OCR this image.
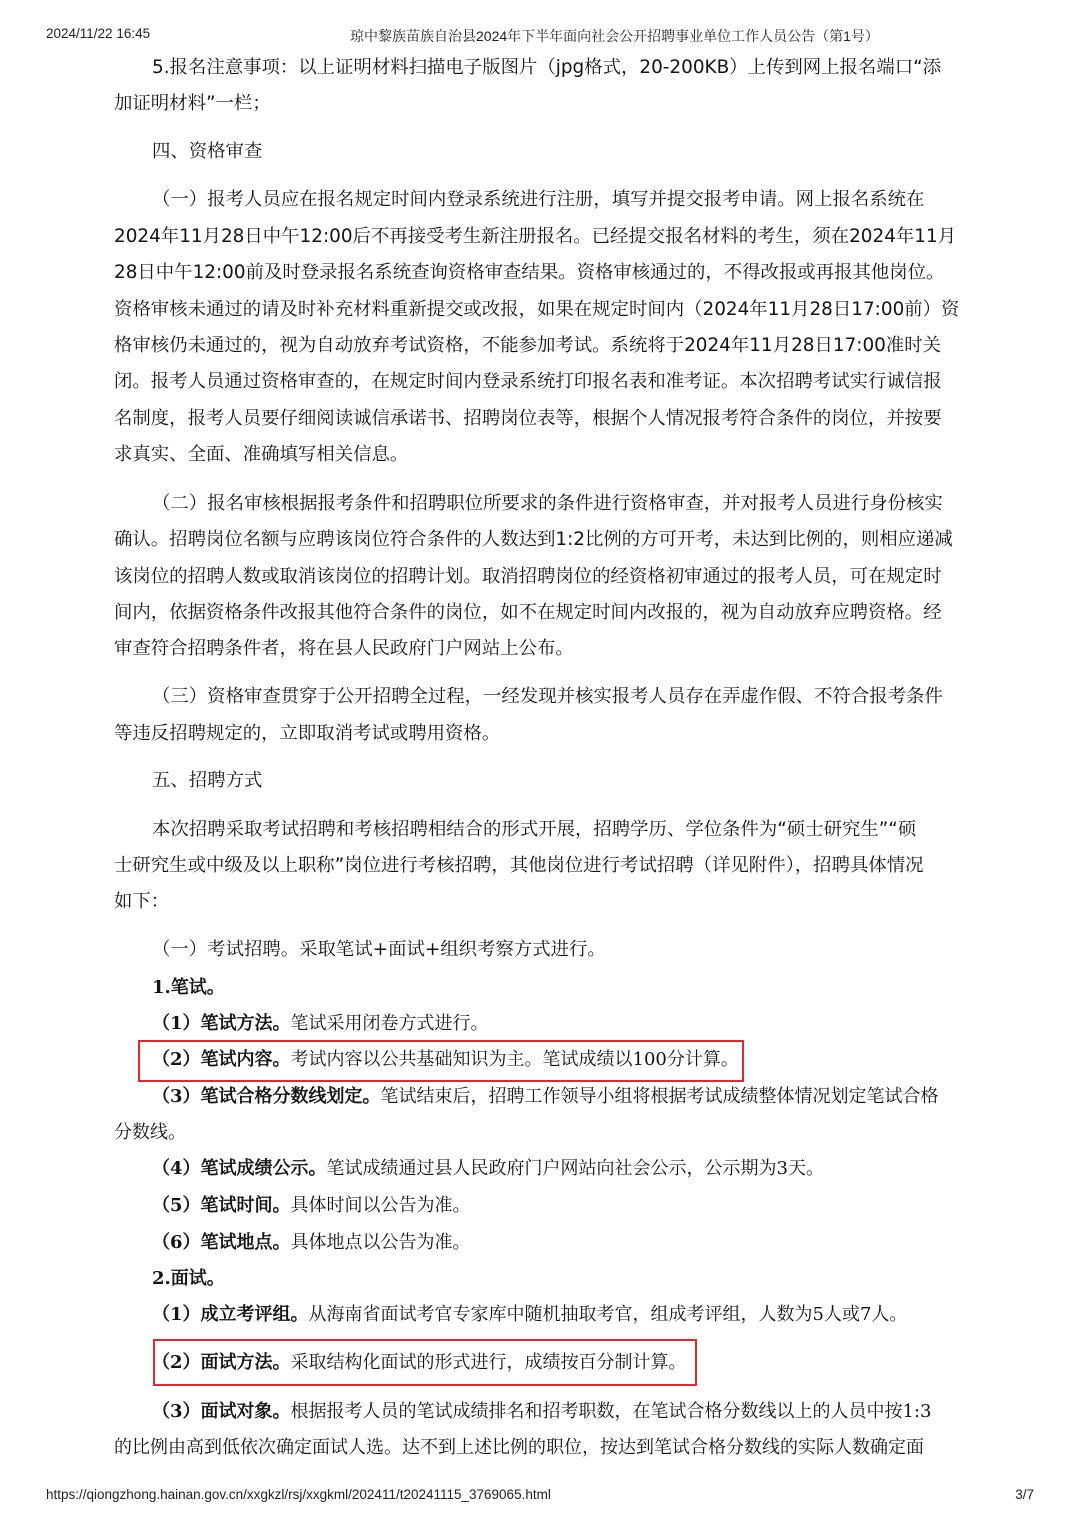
2024/11/22 16:45	琼中黎族苗族自治县2024年下半年面向社会公开招聘事业单位工作人员公告（第1号）
5.报名注意事项：以上证明材料扫描电子版图片（jpg格式，20-200KB）上传到网上报名端口“添
加证明材料”一栏；
四、资格审查
（一）报考人员应在报名规定时间内登录系统进行注册，填写并提交报考申请。网上报名系统在
2024年11月28日中午12:00后不再接受考生新注册报名。已经提交报名材料的考生，须在2024年11月
28日中午12:00前及时登录报名系统查询资格审查结果。资格审核通过的，不得改报或再报其他岗位。
资格审核未通过的请及时补充材料重新提交或改报，如果在规定时间内（2024年11月28日17:00前）资
格审核仍未通过的，视为自动放弃考试资格，不能参加考试。系统将于2024年11月28日17:00准时关
闭。报考人员通过资格审查的，在规定时间内登录系统打印报名表和准考证。本次招聘考试实行诚信报
名制度，报考人员要仔细阅读诚信承诺书、招聘岗位表等，根据个人情况报考符合条件的岗位，并按要
求真实、全面、准确填写相关信息。
（二）报名审核根据报考条件和招聘职位所要求的条件进行资格审查，并对报考人员进行身份核实
确认。招聘岗位名额与应聘该岗位符合条件的人数达到1:2比例的方可开考，未达到比例的，则相应递减
该岗位的招聘人数或取消该岗位的招聘计划。取消招聘岗位的经资格初审通过的报考人员，可在规定时
间内，依据资格条件改报其他符合条件的岗位，如不在规定时间内改报的，视为自动放弃应聘资格。经
审查符合招聘条件者，将在县人民政府门户网站上公布。
（三）资格审查贯穿于公开招聘全过程，一经发现并核实报考人员存在弄虚作假、不符合报考条件
等违反招聘规定的，立即取消考试或聘用资格。
五、招聘方式
本次招聘采取考试招聘和考核招聘相结合的形式开展，招聘学历、学位条件为“硕士研究生”“硕
士研究生或中级及以上职称”岗位进行考核招聘，其他岗位进行考试招聘（详见附件），招聘具体情况
如下：
（一）考试招聘。采取笔试+面试+组织考察方式进行。
1.笔试。
（1）笔试方法。笔试采用闭卷方式进行。
（2）笔试内容。考试内容以公共基础知识为主。笔试成绩以100分计算。
（3）笔试合格分数线划定。笔试结束后，招聘工作领导小组将根据考试成绩整体情况划定笔试合格
分数线。
（4）笔试成绩公示。笔试成绩通过县人民政府门户网站向社会公示，公示期为3天。
（5）笔试时间。具体时间以公告为准。
（6）笔试地点。具体地点以公告为准。
2.面试。
（1）成立考评组。从海南省面试考官专家库中随机抽取考官，组成考评组，人数为5人或7人。
（2）面试方法。采取结构化面试的形式进行，成绩按百分制计算。
（3）面试对象。根据报考人员的笔试成绩排名和招考职数，在笔试合格分数线以上的人员中按1:3
的比例由高到低依次确定面试人选。达不到上述比例的职位，按达到笔试合格分数线的实际人数确定面
https://qiongzhong.hainan.gov.cn/xxgkzl/rsj/xxgkml/202411/t20241115_3769065.html	3/7
